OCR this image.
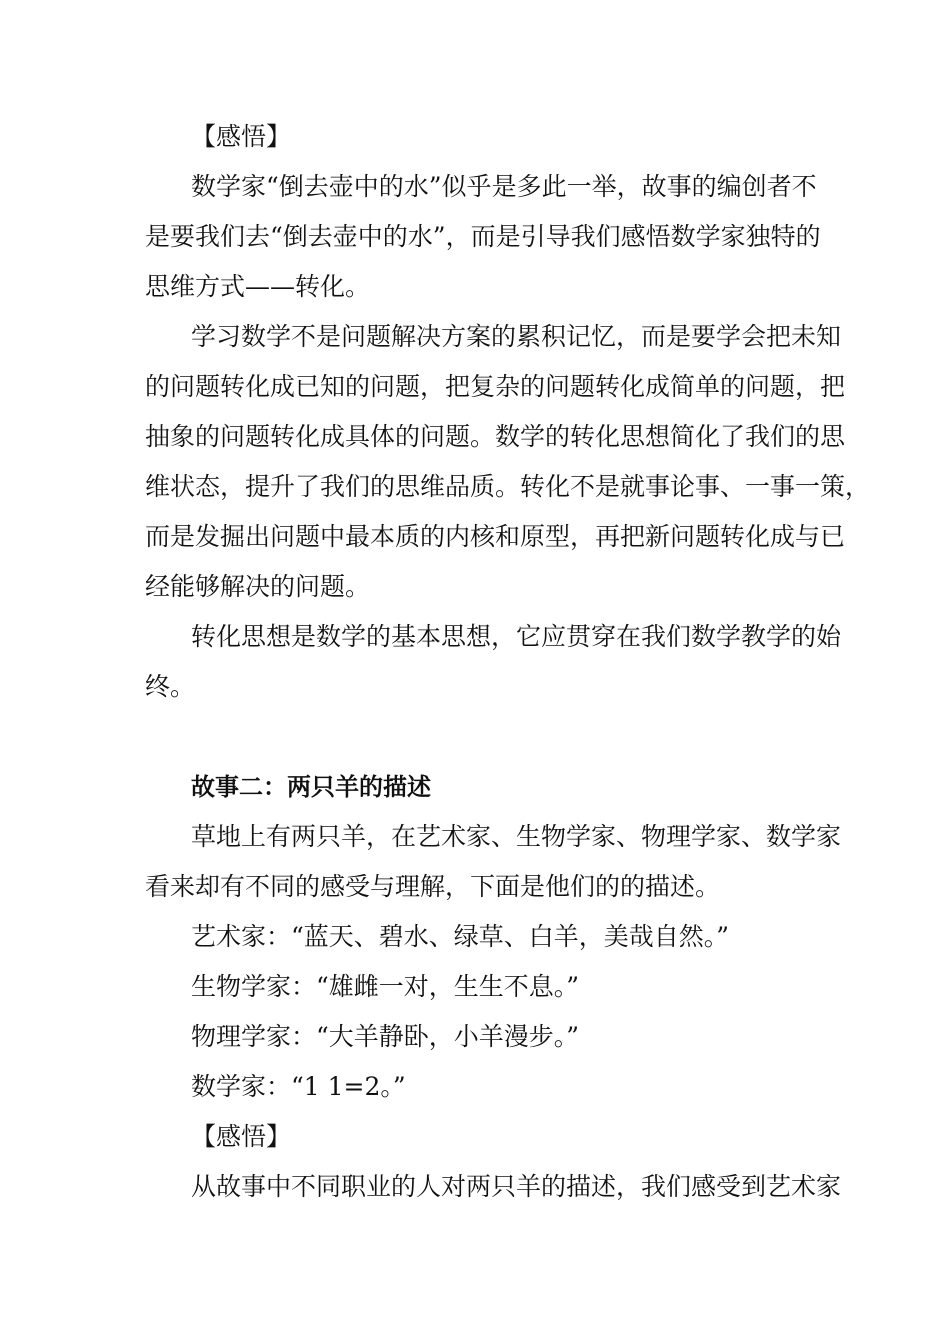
【感悟】
数学家“倒去壶中的水”似乎是多此一举，故事的编创者不
是要我们去“倒去壶中的水”，而是引导我们感悟数学家独特的
思维方式——转化。
学习数学不是问题解决方案的累积记忆，而是要学会把未知
的问题转化成已知的问题，把复杂的问题转化成简单的问题，把
抽象的问题转化成具体的问题。数学的转化思想简化了我们的思
维状态，提升了我们的思维品质。转化不是就事论事、一事一策，
而是发掘出问题中最本质的内核和原型，再把新问题转化成与已
经能够解决的问题。
转化思想是数学的基本思想，它应贯穿在我们数学教学的始
终。
故事二：两只羊的描述
草地上有两只羊，在艺术家、生物学家、物理学家、数学家
看来却有不同的感受与理解，下面是他们的的描述。
艺术家：“蓝天、碧水、绿草、白羊，美哉自然。”
生物学家：“雄雌一对，生生不息。”
物理学家：“大羊静卧，小羊漫步。”
数学家：“1 1=2。”
【感悟】
从故事中不同职业的人对两只羊的描述，我们感受到艺术家
